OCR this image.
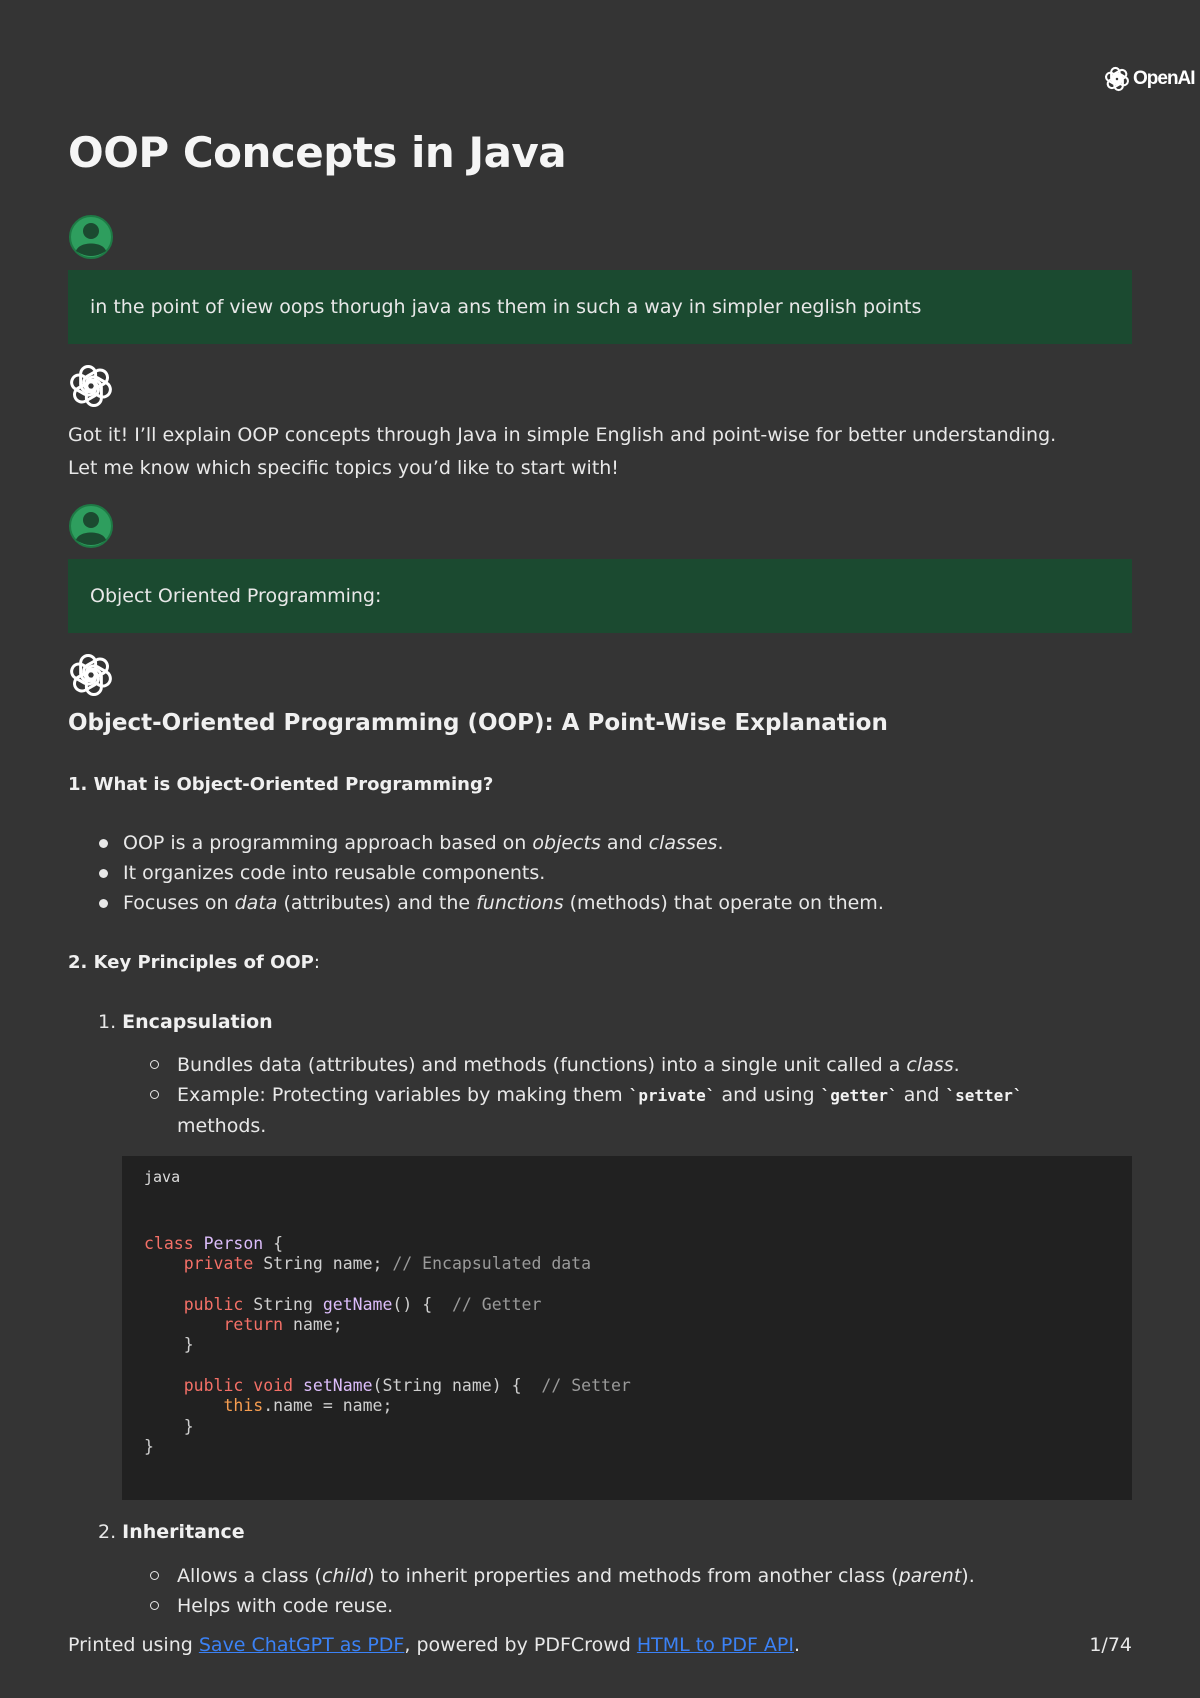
OpenAI
OOP Concepts in Java
in the point of view oops thorugh java ans them in such a way in simpler neglish points
Got it! I’ll explain OOP concepts through Java in simple English and point-wise for better understanding.
Let me know which specific topics you’d like to start with!
Object Oriented Programming:
Object-Oriented Programming (OOP): A Point-Wise Explanation
1. What is Object-Oriented Programming?
OOP is a programming approach based on objects and classes.
It organizes code into reusable components.
Focuses on data (attributes) and the functions (methods) that operate on them.
2. Key Principles of OOP:
1. Encapsulation
Bundles data (attributes) and methods (functions) into a single unit called a class.
Example: Protecting variables by making them `private` and using `getter` and `setter`
methods.
java
class Person {
private String name; // Encapsulated data

public String getName() {  // Getter
return name;
}

public void setName(String name) {  // Setter
this.name = name;
}
}
2. Inheritance
Allows a class (child) to inherit properties and methods from another class (parent).
Helps with code reuse.
Printed using Save ChatGPT as PDF, powered by PDFCrowd HTML to PDF API.	1/74
